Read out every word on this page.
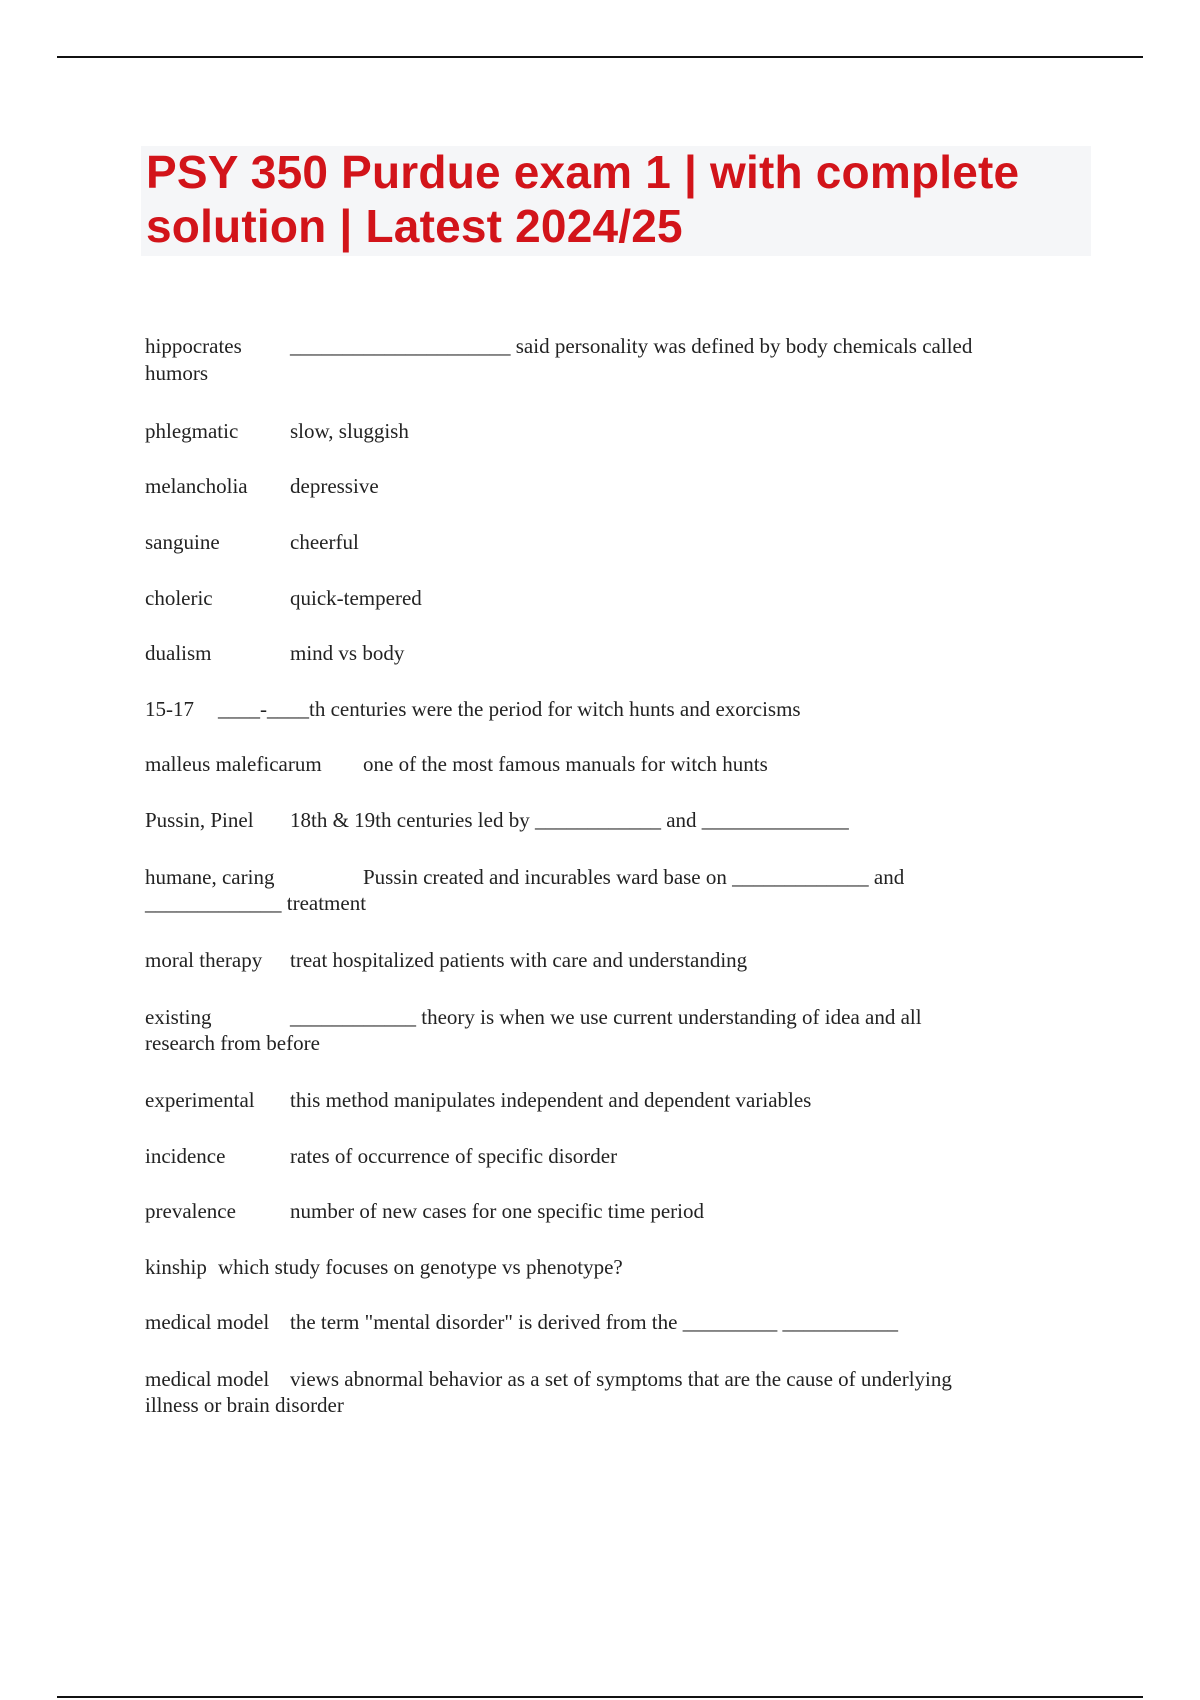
PSY 350 Purdue exam 1 | with complete solution | Latest 2024/25
hippocrates _____________________ said personality was defined by body chemicals called
humors
phlegmatic slow, sluggish
melancholia depressive
sanguine	cheerful
choleric	quick-tempered
dualism	mind vs body
15-17 ____-____th centuries were the period for witch hunts and exorcisms
malleus maleficarum one of the most famous manuals for witch hunts
Pussin, Pinel 18th & 19th centuries led by ____________ and ______________
humane, caring	Pussin created and incurables ward base on _____________ and
_____________ treatment
moral therapy treat hospitalized patients with care and understanding
existing	____________ theory is when we use current understanding of idea and all
research from before
experimental this method manipulates independent and dependent variables
incidence	rates of occurrence of specific disorder
prevalence	number of new cases for one specific time period
kinship which study focuses on genotype vs phenotype?
medical model the term "mental disorder" is derived from the _________ ___________
medical model views abnormal behavior as a set of symptoms that are the cause of underlying
illness or brain disorder
